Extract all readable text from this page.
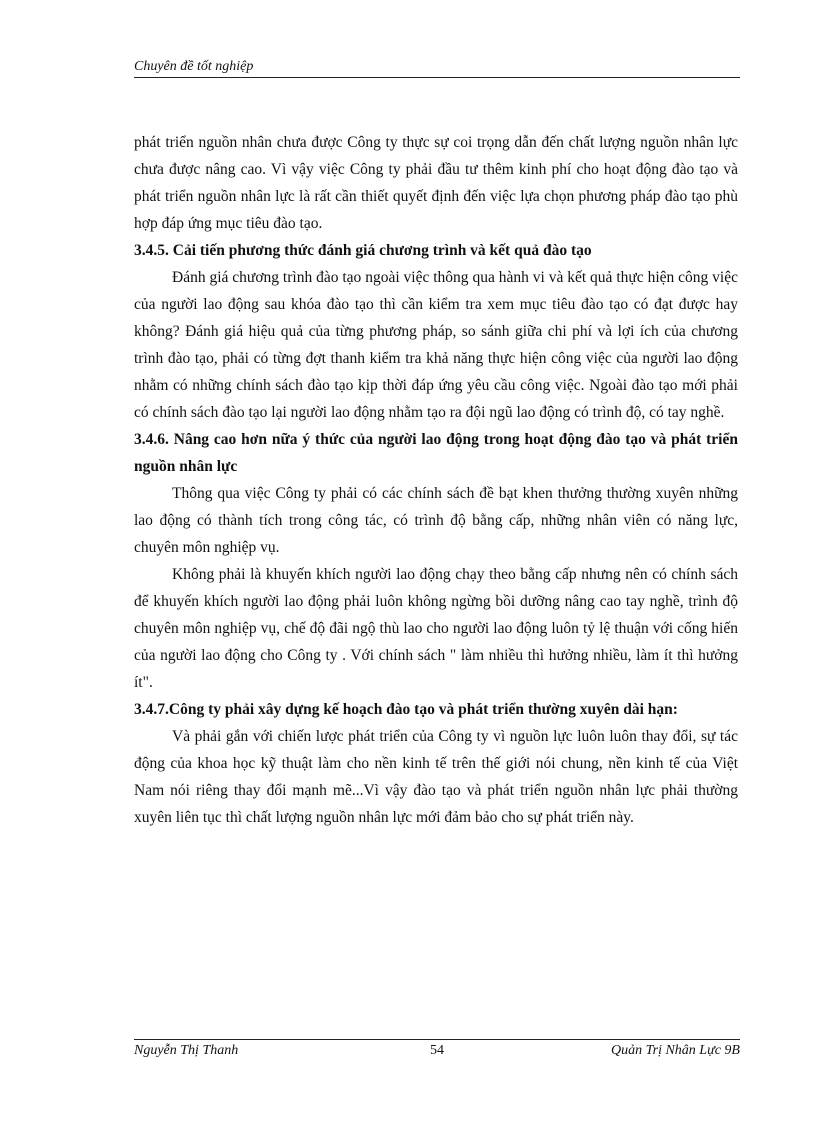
Chuyên đề tốt nghiệp

phát triển nguồn nhân chưa được Công ty thực sự coi trọng dẫn đến chất lượng nguồn nhân lực chưa được nâng cao. Vì vậy việc Công ty phải đầu tư thêm kinh phí cho hoạt động đào tạo và phát triển nguồn nhân lực là rất cần thiết quyết định đến việc lựa chọn phương pháp đào tạo phù hợp đáp ứng mục tiêu đào tạo.

3.4.5. Cải tiến phương thức đánh giá chương trình và kết quả đào tạo

Đánh giá chương trình đào tạo ngoài việc thông qua hành vi và kết quả thực hiện công việc của người lao động sau khóa đào tạo thì cần kiểm tra xem mục tiêu đào tạo có đạt được hay không? Đánh giá hiệu quả của từng phương pháp, so sánh giữa chi phí và lợi ích của chương trình đào tạo, phải có từng đợt thanh kiểm tra khả năng thực hiện công việc của người lao động nhằm có những chính sách đào tạo kịp thời đáp ứng yêu cầu công việc. Ngoài đào tạo mới phải có chính sách đào tạo lại người lao động nhằm tạo ra đội ngũ lao động có trình độ, có tay nghề.

3.4.6. Nâng cao hơn nữa ý thức của người lao động trong hoạt động đào tạo và phát triển nguồn nhân lực

Thông qua việc Công ty phải có các chính sách đề bạt khen thưởng thường xuyên những lao động có thành tích trong công tác, có trình độ bằng cấp, những nhân viên có năng lực, chuyên môn nghiệp vụ.

Không phải là khuyến khích người lao động chạy theo bằng cấp nhưng nên có chính sách để khuyến khích người lao động phải luôn không ngừng bồi dưỡng nâng cao tay nghề, trình độ chuyên môn nghiệp vụ, chế độ đãi ngộ thù lao cho người lao động luôn tỷ lệ thuận với cống hiến của người lao động cho Công ty . Với chính sách " làm nhiều thì hưởng nhiều, làm ít thì hưởng ít".

3.4.7.Công ty phải xây dựng kế hoạch đào tạo và phát triển thường xuyên dài hạn:

Và phải gắn với chiến lược phát triển của Công ty vì nguồn lực luôn luôn thay đổi, sự tác động của khoa học kỹ thuật làm cho nền kinh tế trên thế giới nói chung, nền kinh tế của Việt Nam nói riêng thay đổi mạnh mẽ...Vì vậy đào tạo và phát triển nguồn nhân lực phải thường xuyên liên tục thì chất lượng nguồn nhân lực mới đảm bảo cho sự phát triển này.

Nguyễn Thị Thanh	54	Quản Trị Nhân Lực 9B
